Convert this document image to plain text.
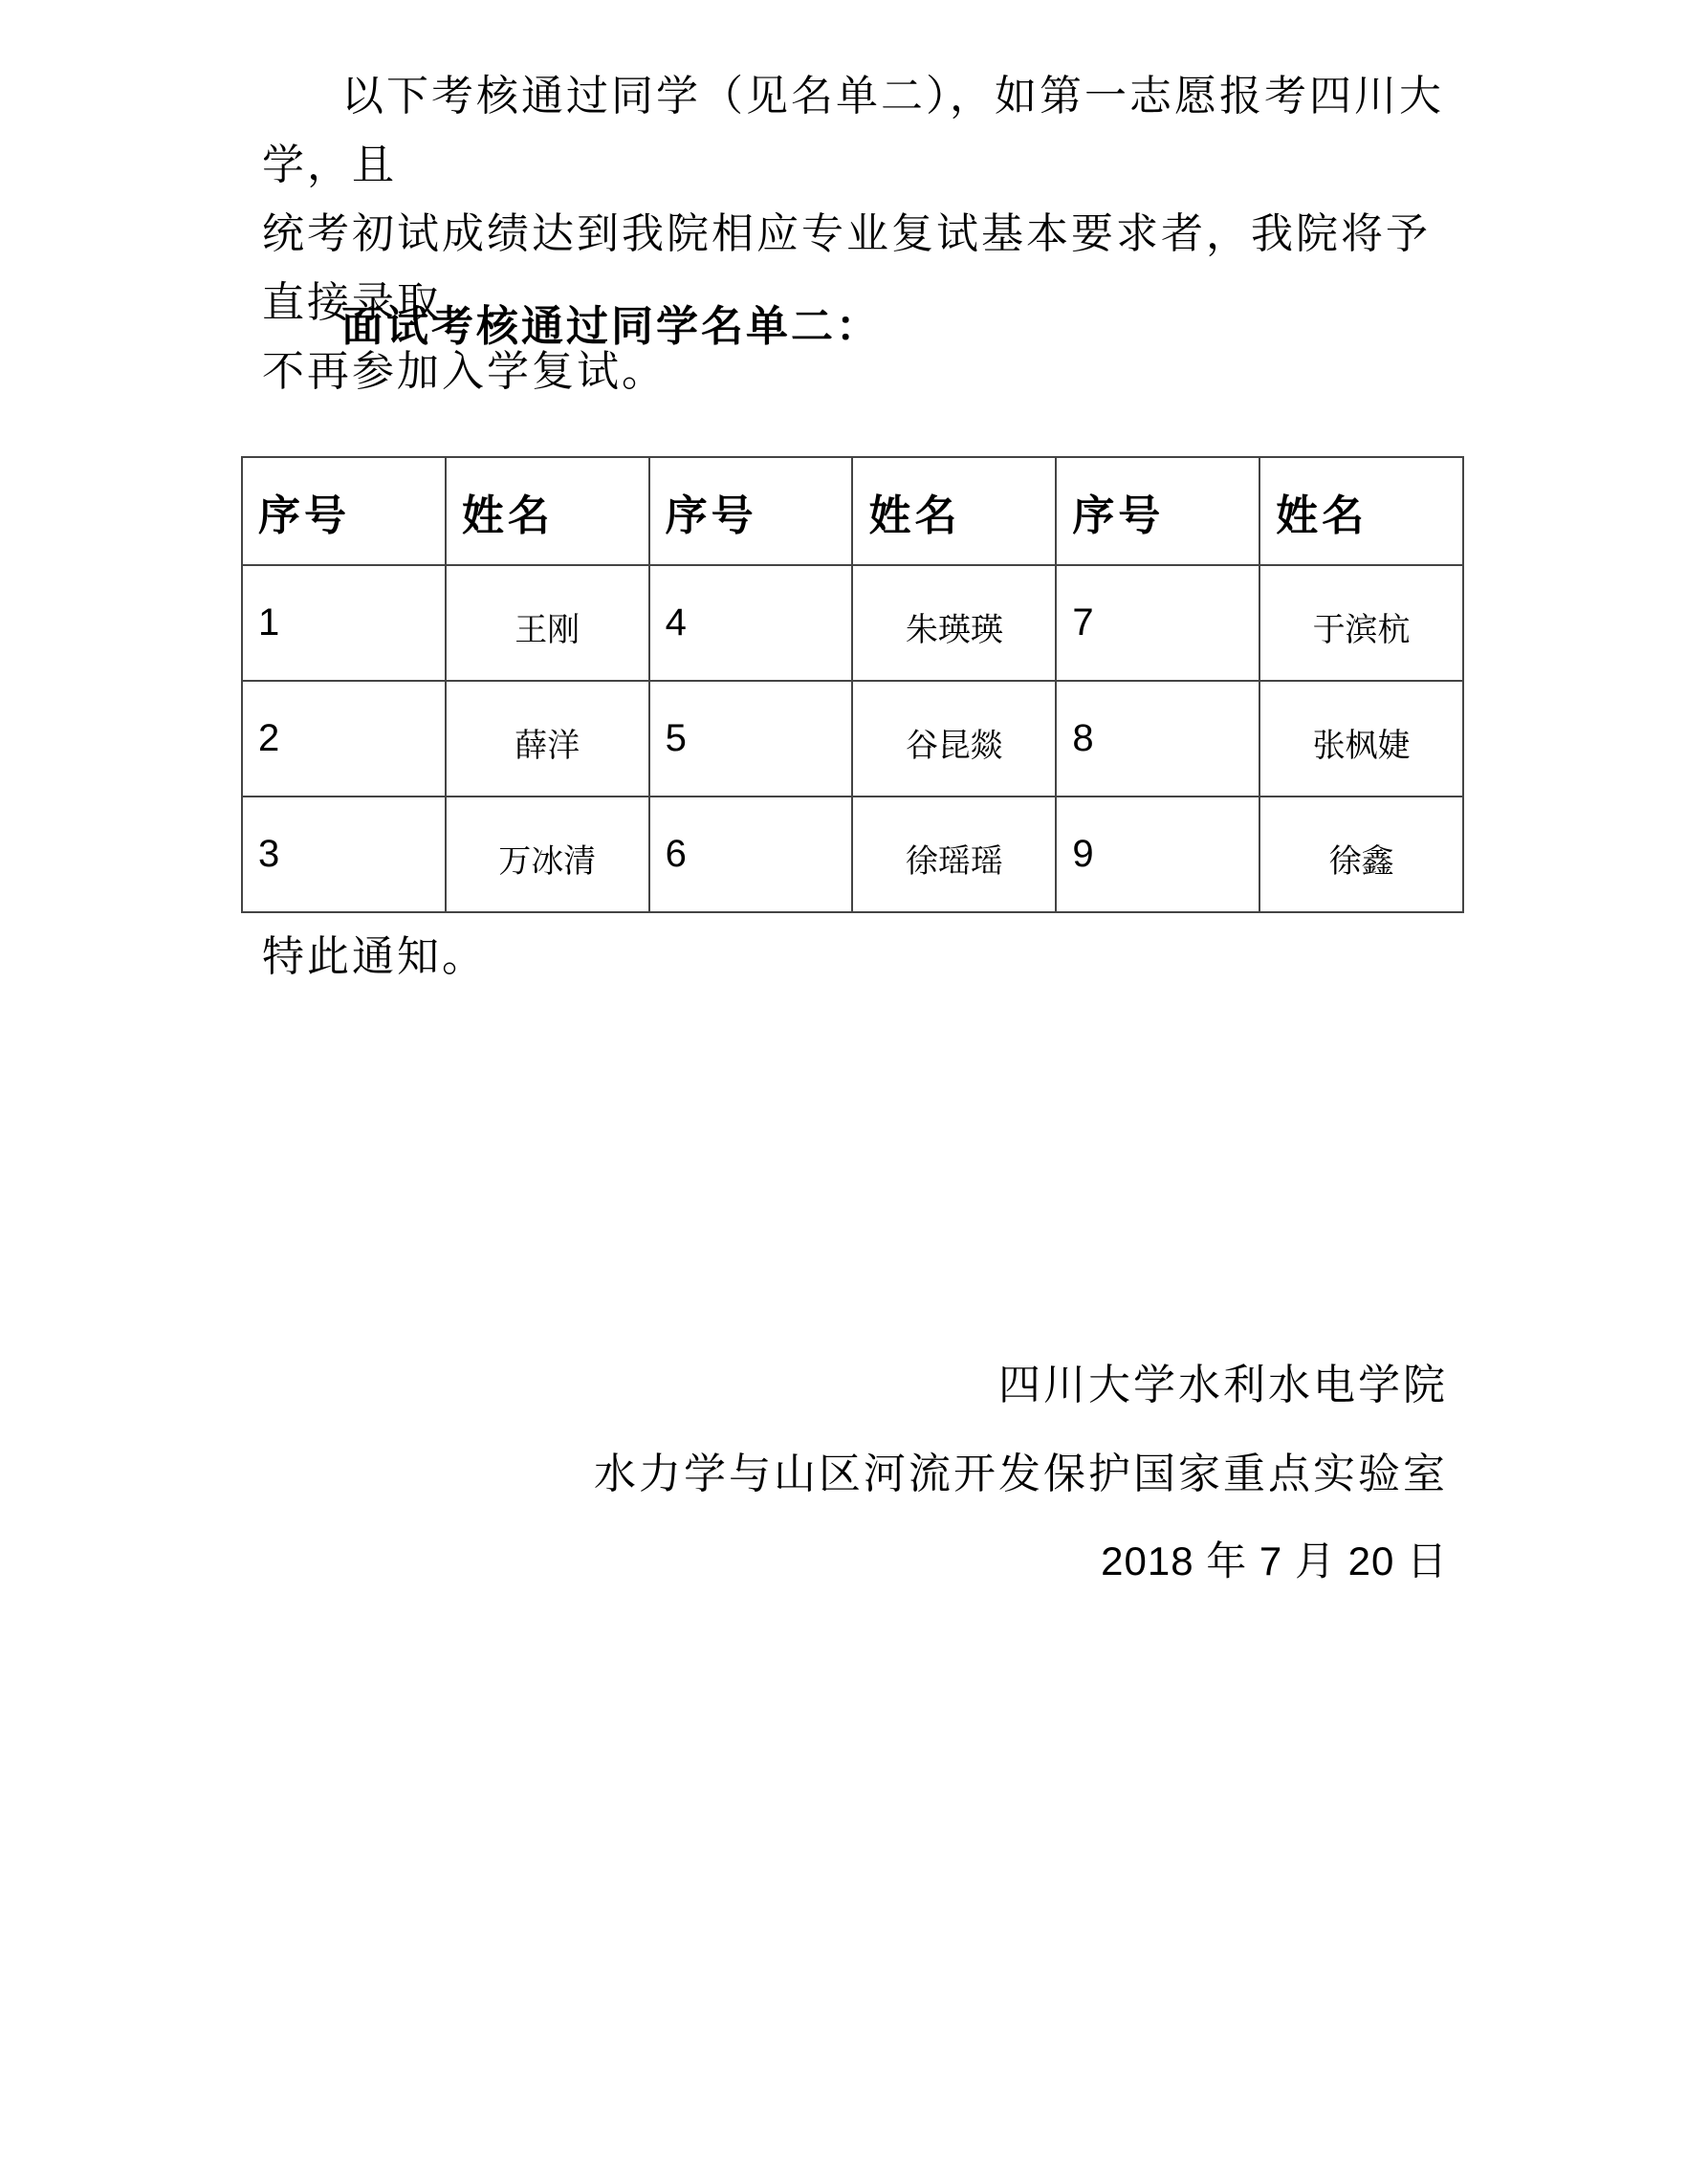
以下考核通过同学（见名单二），如第一志愿报考四川大学，且
统考初试成绩达到我院相应专业复试基本要求者，我院将予直接录取
不再参加入学复试。
面试考核通过同学名单二：
序号	姓名	序号	姓名	序号	姓名
1	王刚	4	朱瑛瑛	7	于滨杭
2	薛洋	5	谷昆燚	8	张枫婕
3	万冰清	6	徐瑶瑶	9	徐鑫
特此通知。
四川大学水利水电学院
水力学与山区河流开发保护国家重点实验室
2018 年 7 月 20 日
